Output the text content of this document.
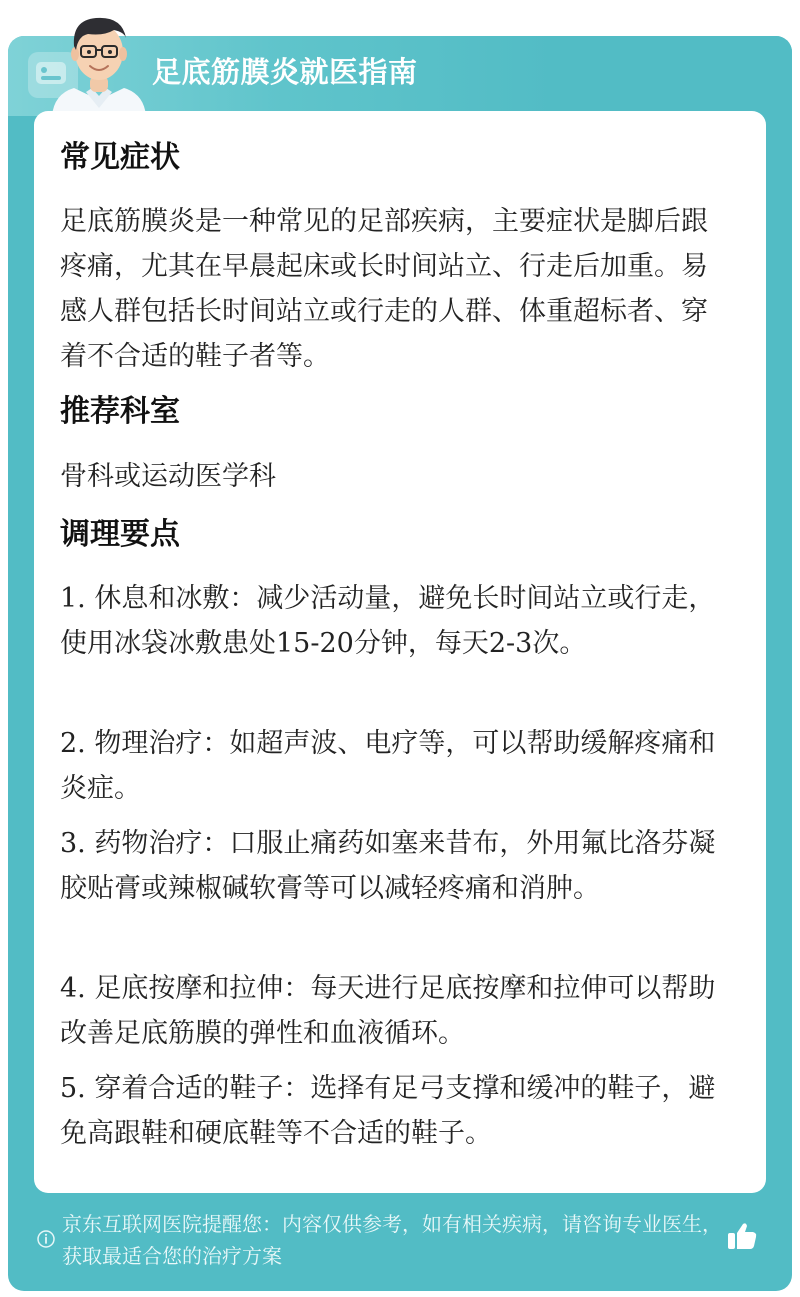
足底筋膜炎就医指南
常见症状
足底筋膜炎是一种常见的足部疾病，主要症状是脚后跟疼痛，尤其在早晨起床或长时间站立、行走后加重。易感人群包括长时间站立或行走的人群、体重超标者、穿着不合适的鞋子者等。
推荐科室
骨科或运动医学科
调理要点
1. 休息和冰敷：减少活动量，避免长时间站立或行走，使用冰袋冰敷患处15-20分钟，每天2-3次。
2. 物理治疗：如超声波、电疗等，可以帮助缓解疼痛和炎症。
3. 药物治疗：口服止痛药如塞来昔布，外用氟比洛芬凝胶贴膏或辣椒碱软膏等可以减轻疼痛和消肿。
4. 足底按摩和拉伸：每天进行足底按摩和拉伸可以帮助改善足底筋膜的弹性和血液循环。
5. 穿着合适的鞋子：选择有足弓支撑和缓冲的鞋子，避免高跟鞋和硬底鞋等不合适的鞋子。
京东互联网医院提醒您：内容仅供参考，如有相关疾病，请咨询专业医生，获取最适合您的治疗方案
